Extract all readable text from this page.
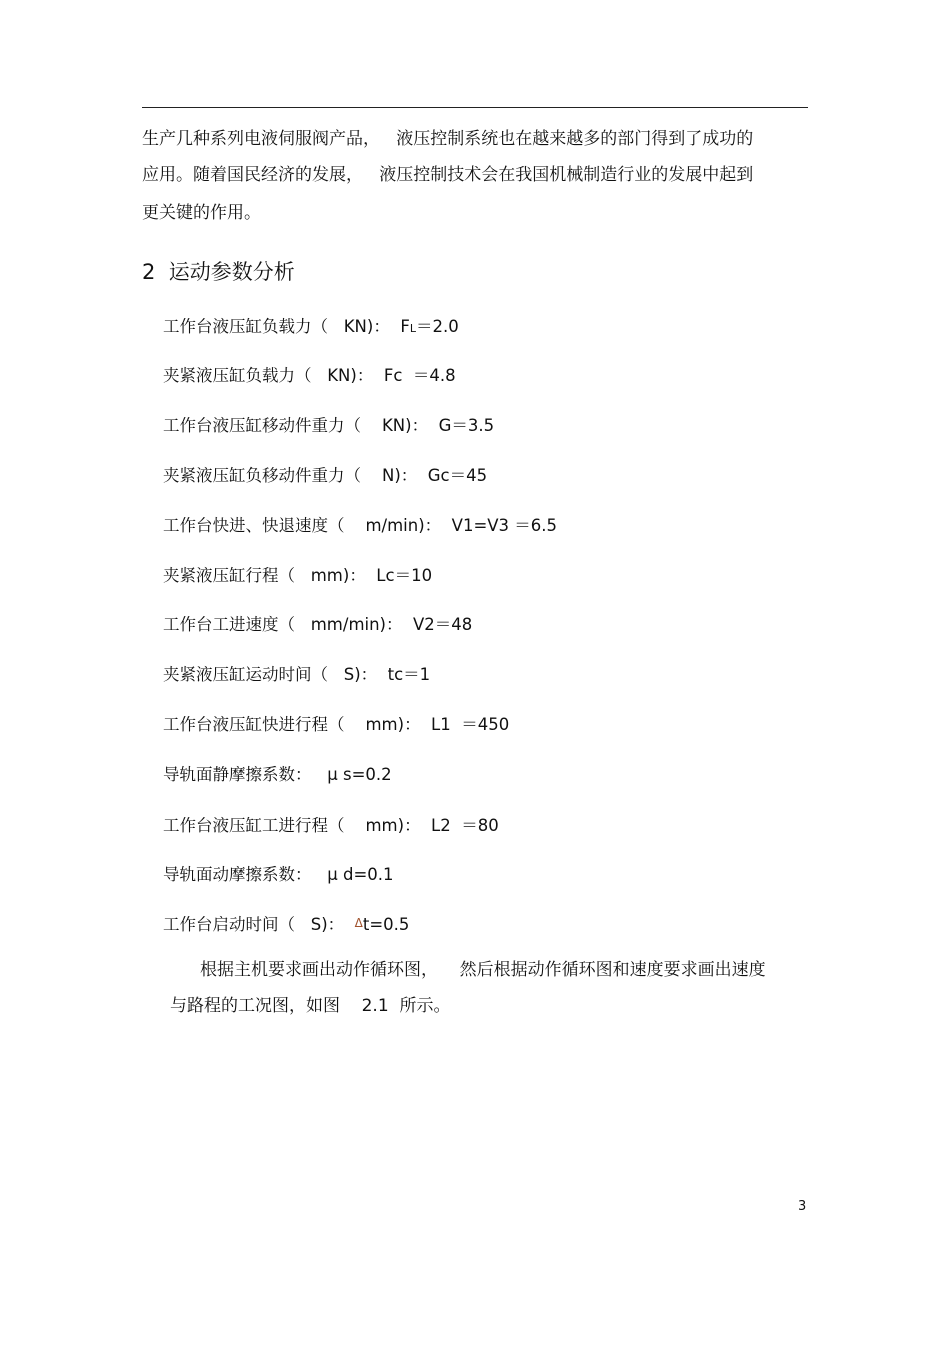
生产几种系列电液伺服阀产品，   液压控制系统也在越来越多的部门得到了成功的
应用。随着国民经济的发展，   液压控制技术会在我国机械制造行业的发展中起到
更关键的作用。
2  运动参数分析
工作台液压缸负载力（   KN)：  FL＝2.0
夹紧液压缸负载力（   KN)：  Fc  ＝4.8
工作台液压缸移动件重力（    KN)：  G＝3.5
夹紧液压缸负移动件重力（    N)：  Gc＝45
工作台快进、快退速度（    m/min)：  V1=V3 ＝6.5
夹紧液压缸行程（   mm)：  Lc＝10
工作台工进速度（   mm/min)：  V2＝48
夹紧液压缸运动时间（   S)：  tc＝1
工作台液压缸快进行程（    mm)：  L1  ＝450
导轨面静摩擦系数：   μ s=0.2
工作台液压缸工进行程（    mm)：  L2  ＝80
导轨面动摩擦系数：   μ d=0.1
工作台启动时间（   S)：  Δt=0.5
根据主机要求画出动作循环图，    然后根据动作循环图和速度要求画出速度
与路程的工况图，如图    2.1  所示。
3
